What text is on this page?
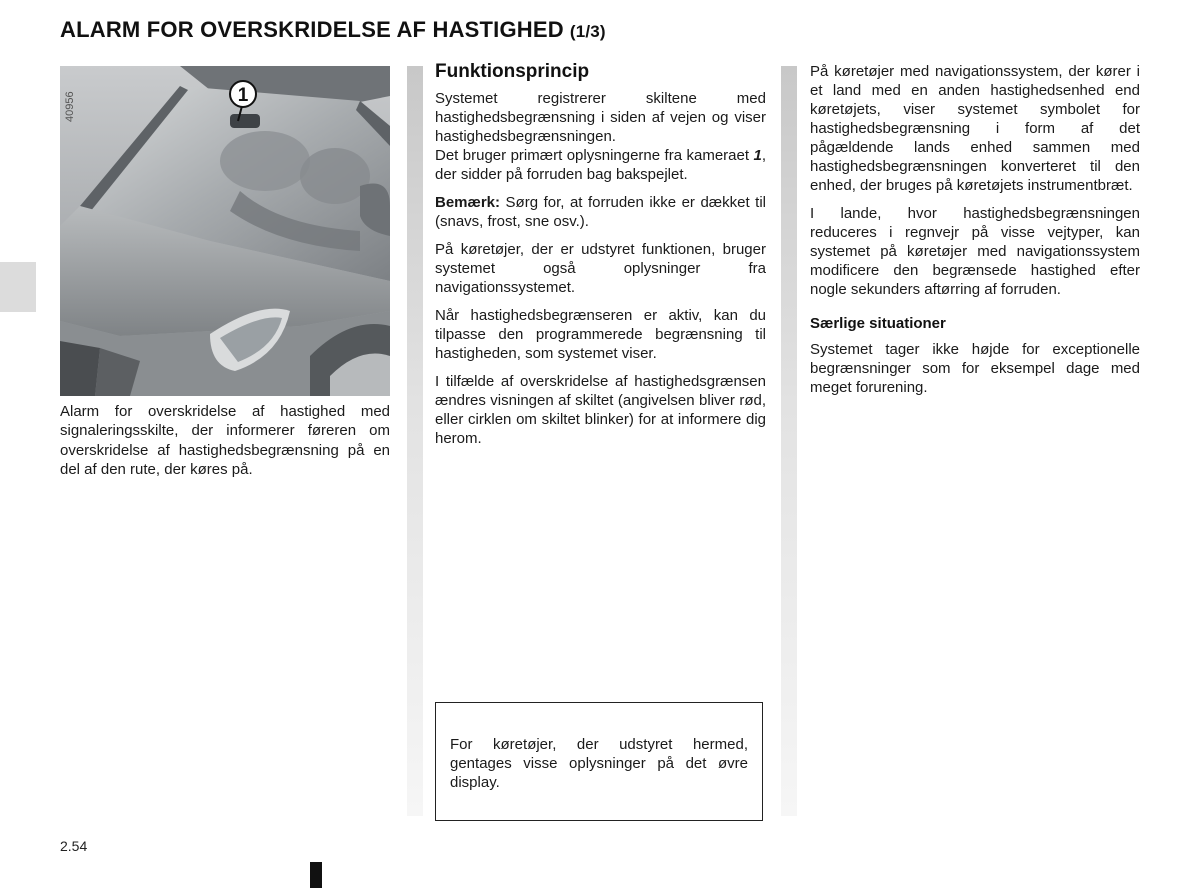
ALARM FOR OVERSKRIDELSE AF HASTIGHED (1/3)
1
40956
Alarm for overskridelse af hastighed med signaleringsskilte, der informerer føreren om overskridelse af hastighedsbegrænsning på en del af den rute, der køres på.
Funktionsprincip

Systemet registrerer skiltene med hastighedsbegrænsning i siden af vejen og viser hastighedsbegrænsningen.
Det bruger primært oplysningerne fra kameraet 1, der sidder på forruden bag bakspejlet.

Bemærk: Sørg for, at forruden ikke er dækket til (snavs, frost, sne osv.).

På køretøjer, der er udstyret funktionen, bruger systemet også oplysninger fra navigationssystemet.

Når hastighedsbegrænseren er aktiv, kan du tilpasse den programmerede begrænsning til hastigheden, som systemet viser.

I tilfælde af overskridelse af hastighedsgrænsen ændres visningen af skiltet (angivelsen bliver rød, eller cirklen om skiltet blinker) for at informere dig herom.

For køretøjer, der udstyret hermed, gentages visse oplysninger på det øvre display.

På køretøjer med navigationssystem, der kører i et land med en anden hastighedsenhed end køretøjets, viser systemet symbolet for hastighedsbegrænsning i form af det pågældende lands enhed sammen med hastighedsbegrænsningen konverteret til den enhed, der bruges på køretøjets instrumentbræt.

I lande, hvor hastighedsbegrænsningen reduceres i regnvejr på visse vejtyper, kan systemet på køretøjer med navigationssystem modificere den begrænsede hastighed efter nogle sekunders aftørring af forruden.

Særlige situationer

Systemet tager ikke højde for exceptionelle begrænsninger som for eksempel dage med meget forurening.

2.54
